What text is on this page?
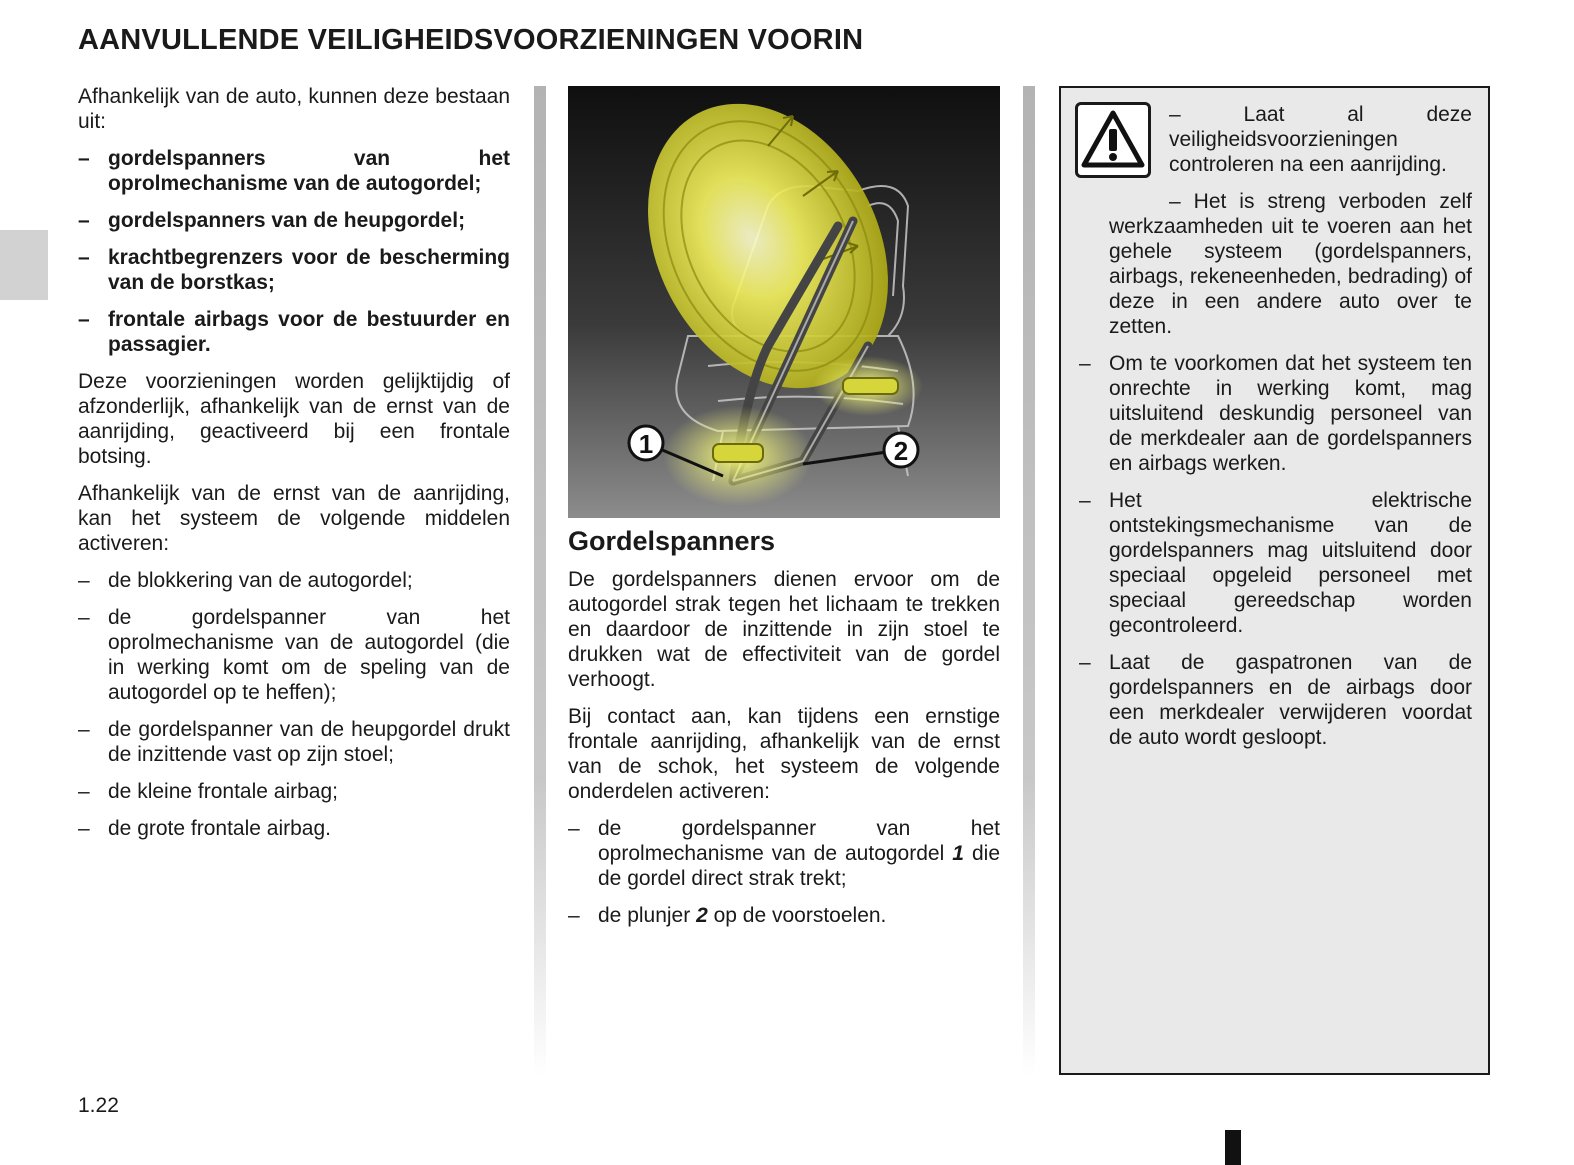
AANVULLENDE VEILIGHEIDSVOORZIENINGEN VOORIN

Afhankelijk van de auto, kunnen deze bestaan uit:

– gordelspanners van het oprolmechanisme van de autogordel;
– gordelspanners van de heupgordel;
– krachtbegrenzers voor de bescherming van de borstkas;
– frontale airbags voor de bestuurder en passagier.

Deze voorzieningen worden gelijktijdig of afzonderlijk, afhankelijk van de ernst van de aanrijding, geactiveerd bij een frontale botsing.

Afhankelijk van de ernst van de aanrijding, kan het systeem de volgende middelen activeren:

– de blokkering van de autogordel;
– de gordelspanner van het oprolmechanisme van de autogordel (die in werking komt om de speling van de autogordel op te heffen);
– de gordelspanner van de heupgordel drukt de inzittende vast op zijn stoel;
– de kleine frontale airbag;
– de grote frontale airbag.
1	2
Gordelspanners

De gordelspanners dienen ervoor om de autogordel strak tegen het lichaam te trekken en daardoor de inzittende in zijn stoel te drukken wat de effectiviteit van de gordel verhoogt.

Bij contact aan, kan tijdens een ernstige frontale aanrijding, afhankelijk van de ernst van de schok, het systeem de volgende onderdelen activeren:

– de gordelspanner van het oprolmechanisme van de autogordel 1 die de gordel direct strak trekt;
– de plunjer 2 op de voorstoelen.

– Laat al deze veiligheidsvoorzieningen controleren na een aanrijding.

– Het is streng verboden zelf werkzaamheden uit te voeren aan het gehele systeem (gordelspanners, airbags, rekeneenheden, bedrading) of deze in een andere auto over te zetten.

– Om te voorkomen dat het systeem ten onrechte in werking komt, mag uitsluitend deskundig personeel van de merkdealer aan de gordelspanners en airbags werken.
– Het elektrische ontstekingsmechanisme van de gordelspanners mag uitsluitend door speciaal opgeleid personeel met speciaal gereedschap worden gecontroleerd.
– Laat de gaspatronen van de gordelspanners en de airbags door een merkdealer verwijderen voordat de auto wordt gesloopt.
1.22
